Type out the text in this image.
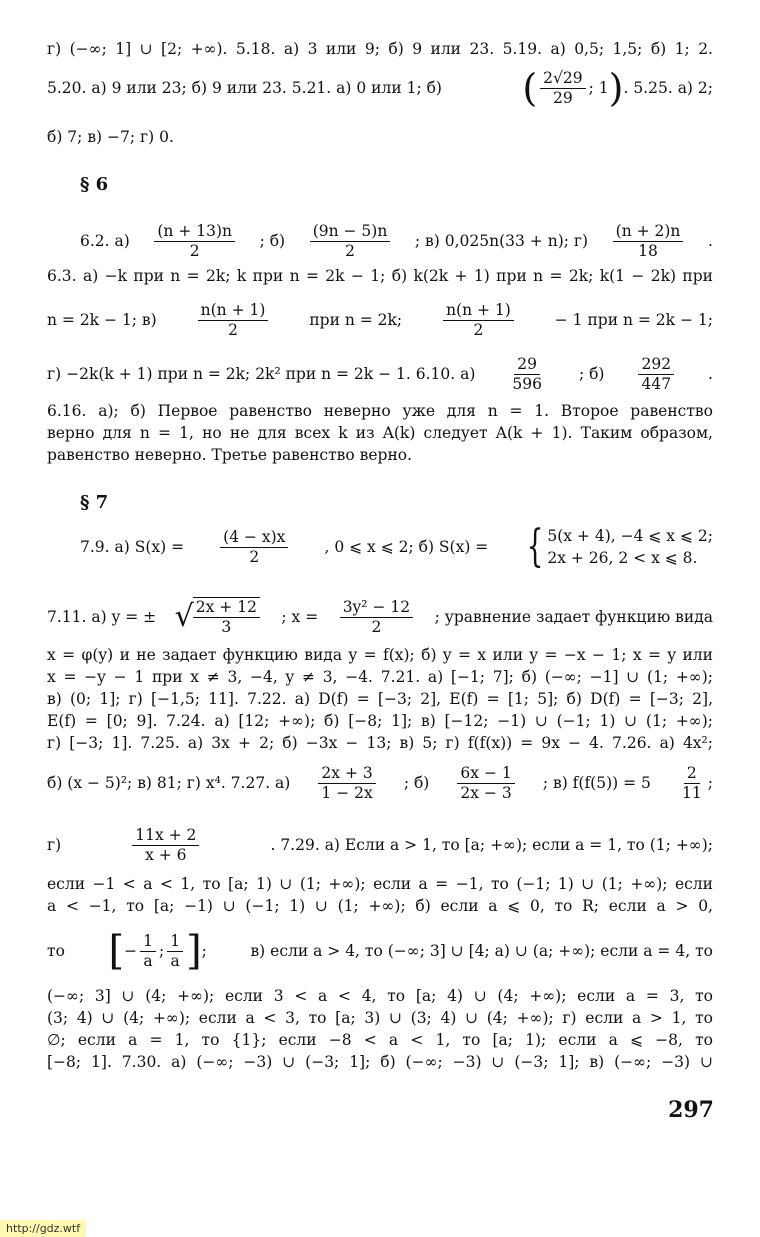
г) (−∞; 1] ∪ [2; +∞). 5.18. а) 3 или 9; б) 9 или 23. 5.19. а) 0,5; 1,5; б) 1; 2.
5.20. а) 9 или 23; б) 9 или 23. 5.21. а) 0 или 1; б) ( $\frac{2√29}{29}$ ; 1 ) . 5.25. а) 2;
б) 7; в) −7; г) 0.
§ 6
6.2. $а) \frac{(n + 13)n}{2}$ ; $б) \frac{(9n - 5)n}{2}$ ; в) 0,025n(33 + n); $г) \frac{(n + 2)n}{18}$ .
6.3. а) −k при n = 2k; k при n = 2k − 1; б) k(2k + 1) при n = 2k; k(1 − 2k) при
n = 2k − 1; в)	$\frac{n(n + 1)}{2}$	при n = 2k;	$\frac{n(n + 1)}{2}$	− 1 при n = 2k − 1;
г) −2k(k + 1) при n = 2k; 2k² при n = 2k − 1. 6.10. $а) \frac{29}{596}$ ; $б) \frac{292}{447}$ .
6.16. а); б) Первое равенство неверно уже для n = 1. Второе равенство
верно для n = 1, но не для всех k из A(k) следует A(k + 1). Таким образом,
равенство неверно. Третье равенство верно.
§ 7
7.9. а) $S(x) = \frac{(4 - x)x}{2}$ , 0 ⩽ x ⩽ 2; б) S(x) = { 5(x + 4), −4 ⩽ x ⩽ 2;
2x + 26, 2 < x ⩽ 8.
7.11. а) y = ± √ $\frac{2x + 12}{3}$ ; $x = \frac{\text{3y² − 12}}{2}$ ; уравнение задает функцию вида
x = φ(y) и не задает функцию вида y = f(x); б) y = x или y = −x − 1; x = y или
x = −y − 1 при x ≠ 3, −4, y ≠ 3, −4. 7.21. а) [−1; 7]; б) (−∞; −1] ∪ (1; +∞);
в) (0; 1]; г) [−1,5; 11]. 7.22. а) D(f) = [−3; 2], E(f) = [1; 5]; б) D(f) = [−3; 2],
E(f) = [0; 9]. 7.24. а) [12; +∞); б) [−8; 1]; в) [−12; −1) ∪ (−1; 1) ∪ (1; +∞);
г) [−3; 1]. 7.25. а) 3x + 2; б) −3x − 13; в) 5; г) f(f(x)) = 9x − 4. 7.26. а) 4x²;
б) (x − 5)²; в) 81; г) x⁴. 7.27. $а) \frac{2x + 3}{1 - 2x}$ ; $б) \frac{6x - 1}{2x - 3}$ ; в) $f(f(5)) = 5 \frac{2}{11}$ ;
г)	$\frac{11x + 2}{x + 6}$	. 7.29. а) Если a > 1, то [a; +∞); если a = 1, то (1; +∞);
если −1 < a < 1, то [a; 1) ∪ (1; +∞); если a = −1, то (−1; 1) ∪ (1; +∞); если
a < −1, то [a; −1) ∪ (−1; 1) ∪ (1; +∞); б) если a ⩽ 0, то R; если a > 0,
то [ − $\frac{1}{a}$ ; $\frac{1}{a}$ ] ;	в) если a > 4, то (−∞; 3] ∪ [4; a) ∪ (a; +∞); если a = 4, то
(−∞; 3] ∪ (4; +∞); если 3 < a < 4, то [a; 4) ∪ (4; +∞); если a = 3, то
(3; 4) ∪ (4; +∞); если a < 3, то [a; 3) ∪ (3; 4) ∪ (4; +∞); г) если a > 1, то
∅; если a = 1, то {1}; если −8 < a < 1, то [a; 1); если a ⩽ −8, то
[−8; 1]. 7.30. а) (−∞; −3) ∪ (−3; 1]; б) (−∞; −3) ∪ (−3; 1]; в) (−∞; −3) ∪
297
http://gdz.wtf
